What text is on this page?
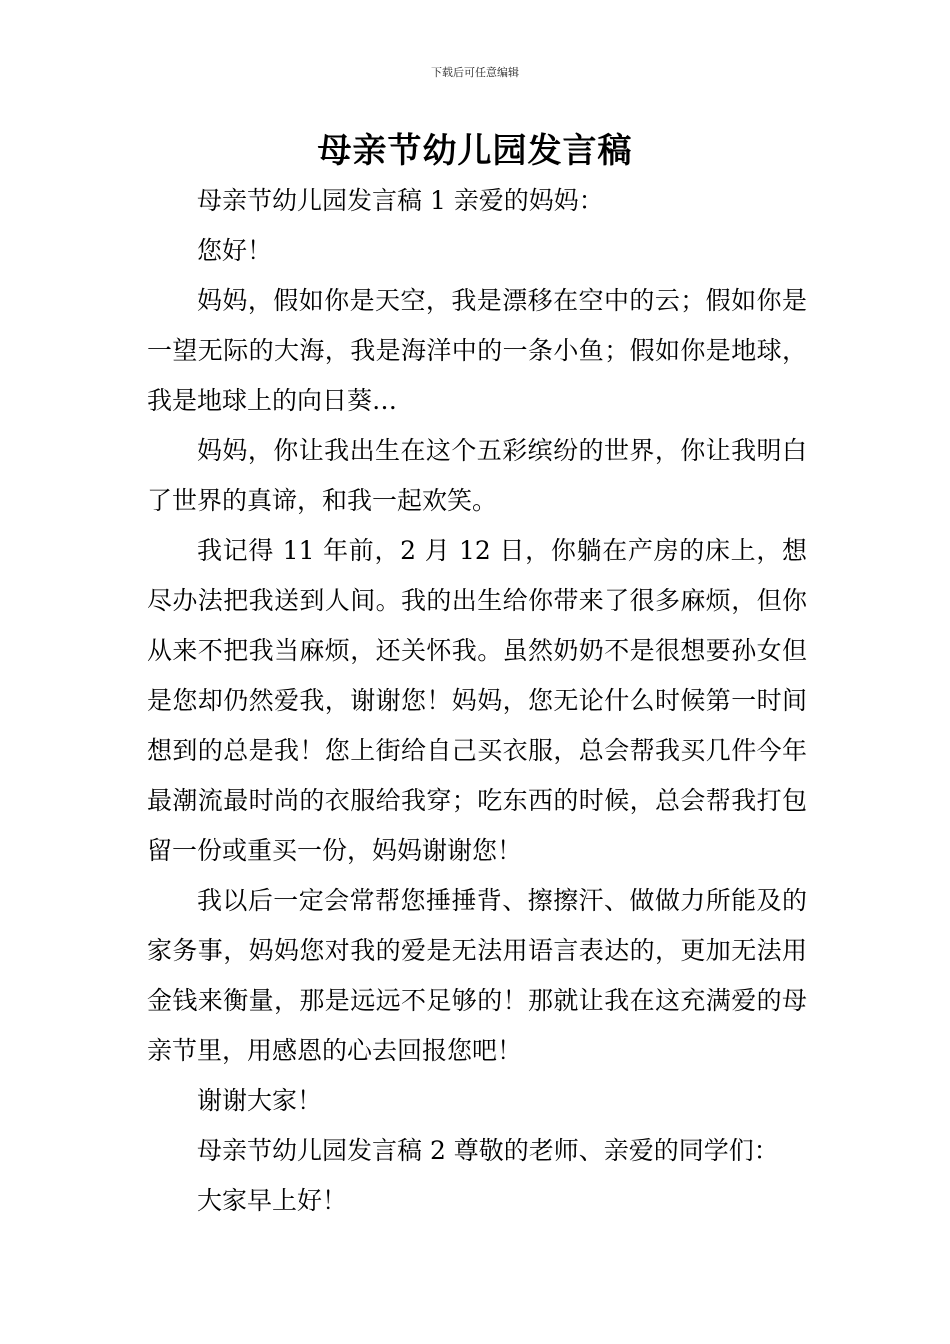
下载后可任意编辑
母亲节幼儿园发言稿

母亲节幼儿园发言稿 1 亲爱的妈妈：

您好！

妈妈，假如你是天空，我是漂移在空中的云；假如你是一望无际的大海，我是海洋中的一条小鱼；假如你是地球，我是地球上的向日葵…

妈妈，你让我出生在这个五彩缤纷的世界，你让我明白了世界的真谛，和我一起欢笑。

我记得 11 年前，2 月 12 日，你躺在产房的床上，想尽办法把我送到人间。我的出生给你带来了很多麻烦，但你从来不把我当麻烦，还关怀我。虽然奶奶不是很想要孙女但是您却仍然爱我，谢谢您！妈妈，您无论什么时候第一时间想到的总是我！您上街给自己买衣服，总会帮我买几件今年最潮流最时尚的衣服给我穿；吃东西的时候，总会帮我打包留一份或重买一份，妈妈谢谢您！

我以后一定会常帮您捶捶背、擦擦汗、做做力所能及的家务事，妈妈您对我的爱是无法用语言表达的，更加无法用金钱来衡量，那是远远不足够的！那就让我在这充满爱的母亲节里，用感恩的心去回报您吧！

谢谢大家！

母亲节幼儿园发言稿 2 尊敬的老师、亲爱的同学们：

大家早上好！
